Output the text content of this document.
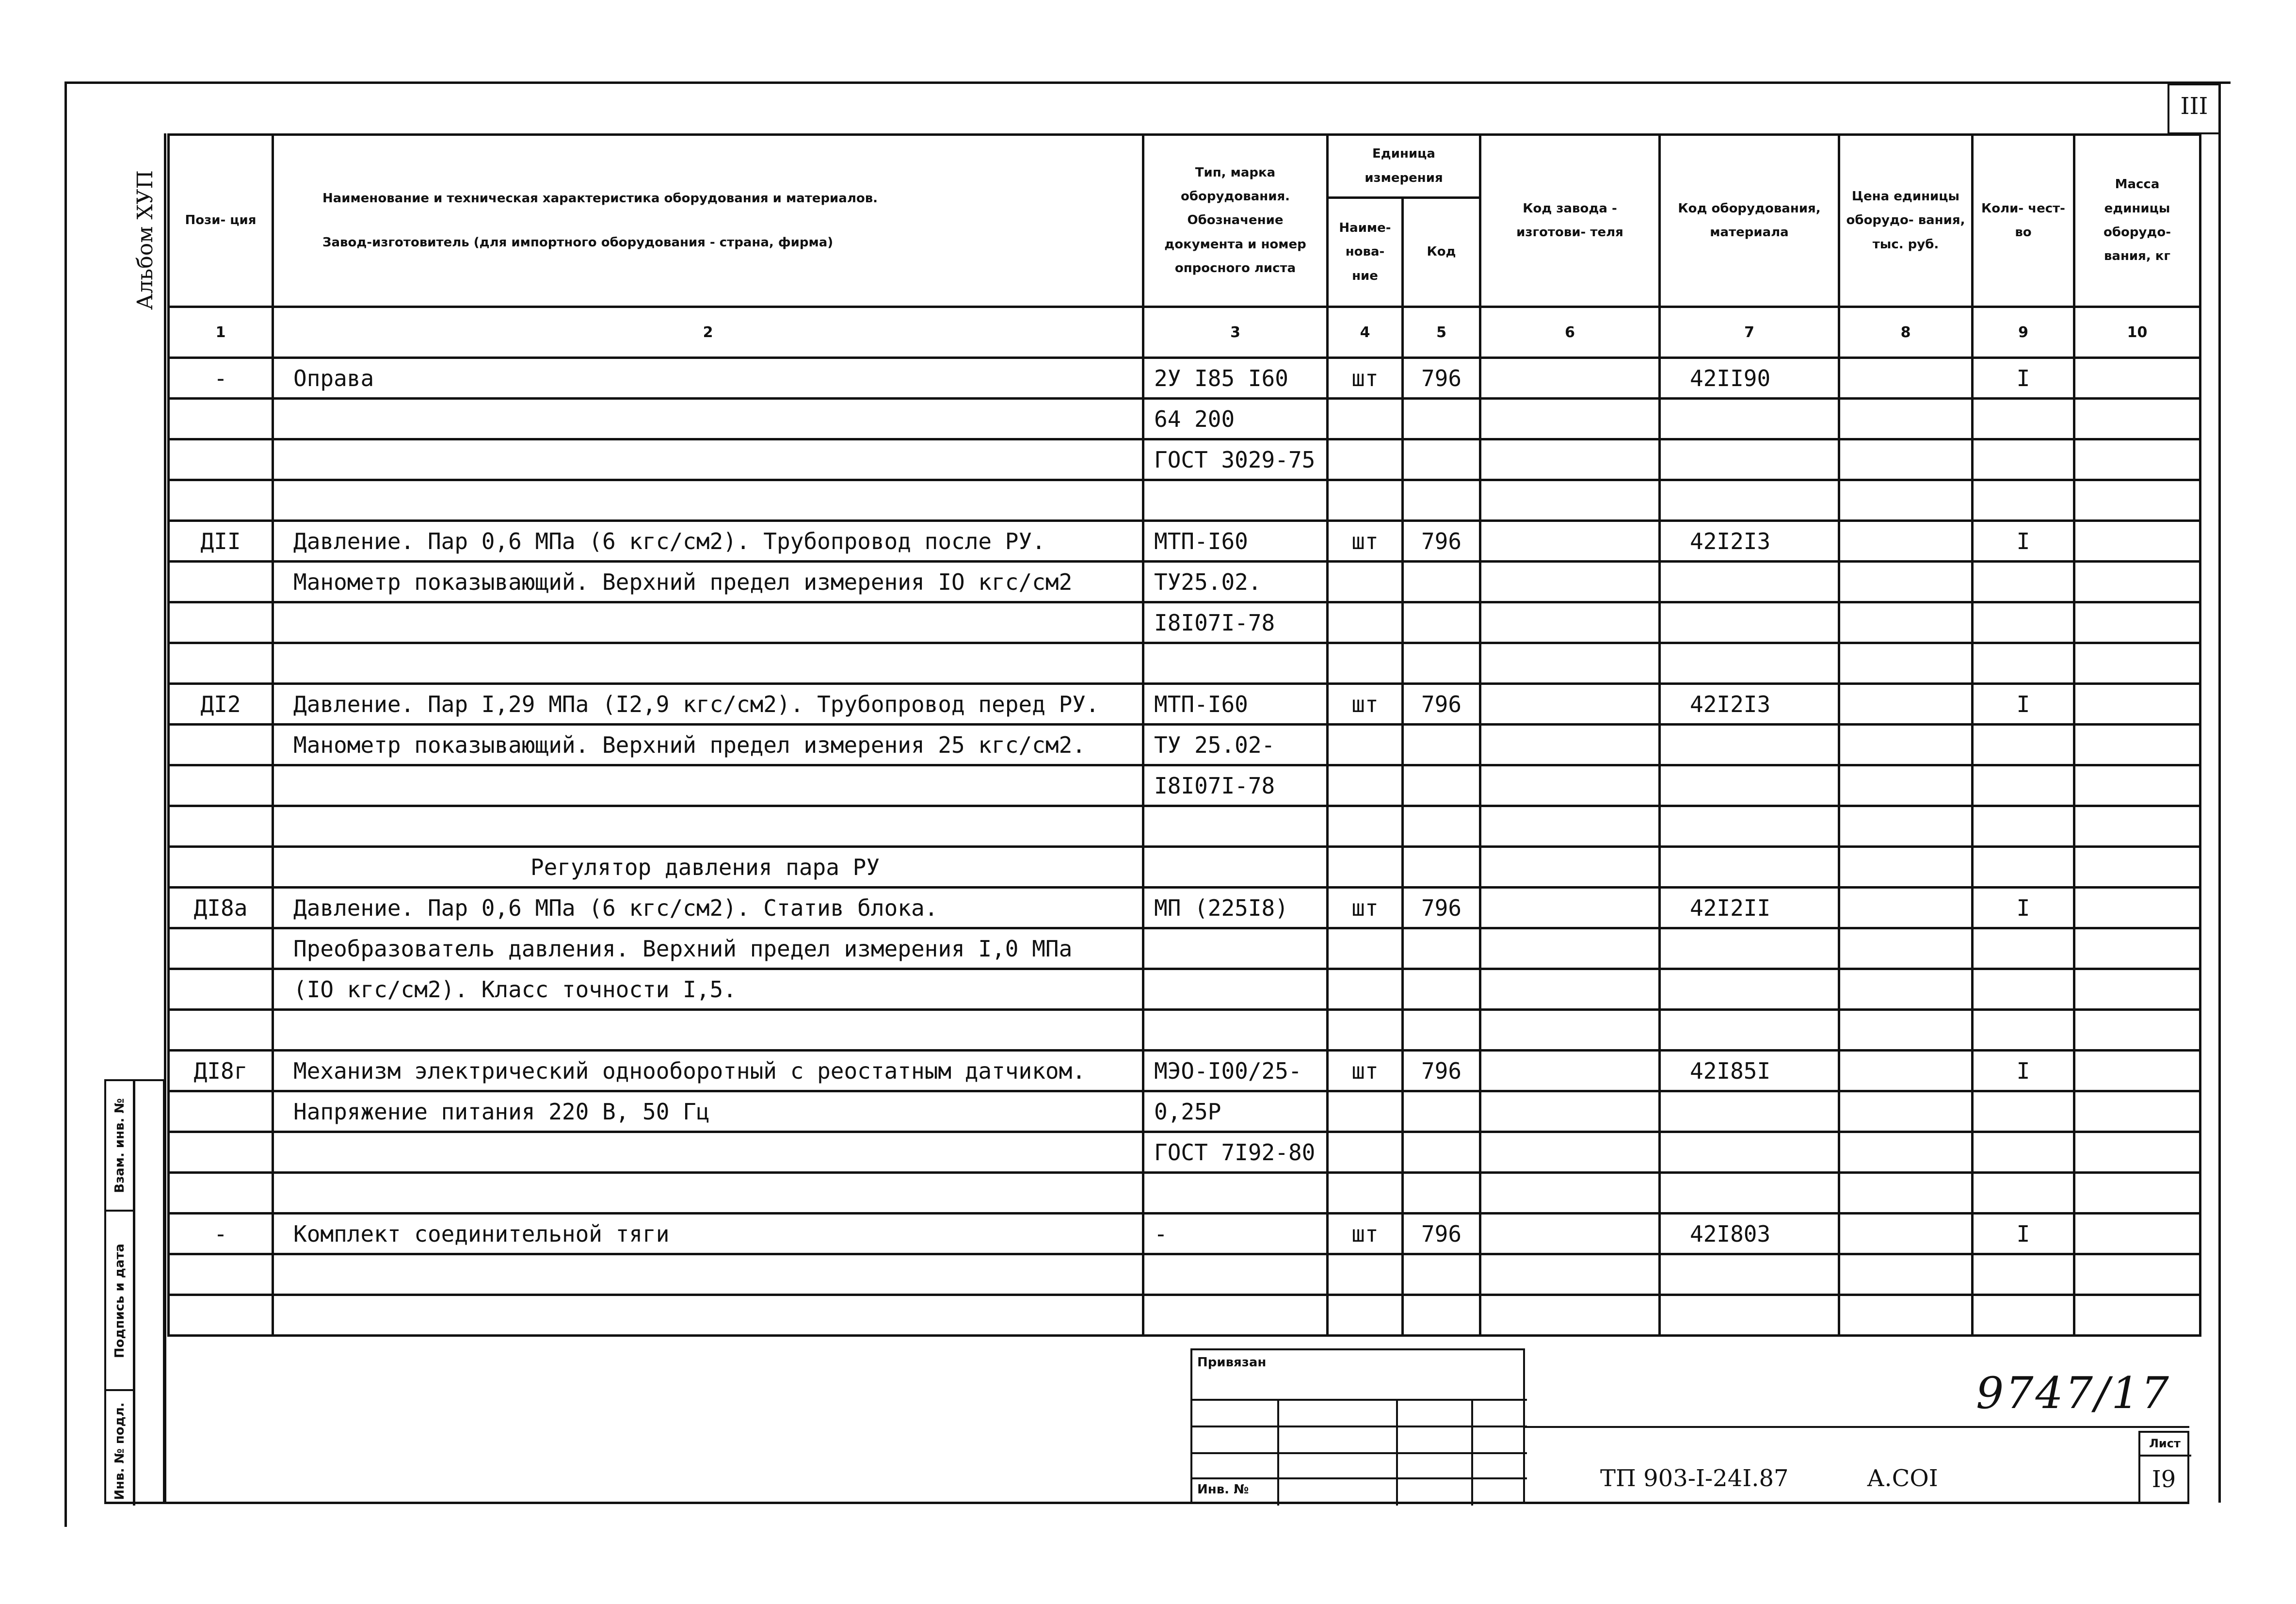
III
Альбом ХУП
Инв. № подл.
Подпись и дата
Взам. инв. №
Пози- ция	Наименование и техническая характеристика оборудования и материалов.
Завод-изготовитель (для импортного оборудования - страна, фирма)	Тип, марка оборудования. Обозначение документа и номер опросного листа	Единица измерения		Код завода - изготови- теля	Код оборудования, материала	Цена единицы оборудо- вания, тыс. руб.	Коли- чест- во	Масса единицы оборудо- вания, кг
			Наиме- нова- ние	Код					
1	2	3	4	5	6	7	8	9	10
-	Оправа	2У I85 I60	шт	796		42II90		I	
		64 200							
		ГОСТ 3029-75							

ДII	Давление. Пар 0,6 МПа (6 кгс/см2). Трубопровод после РУ.	МТП-I60	шт	796		42I2I3		I	
	Манометр показывающий. Верхний предел измерения IO кгс/см2	ТУ25.02.							
		I8I07I-78							

ДI2	Давление. Пар I,29 МПа (I2,9 кгс/см2). Трубопровод перед РУ.	МТП-I60	шт	796		42I2I3		I	
	Манометр показывающий. Верхний предел измерения 25 кгс/см2.	ТУ 25.02-							
		I8I07I-78							

	Регулятор давления пара РУ								
ДI8а	Давление. Пар 0,6 МПа (6 кгс/см2). Статив блока.	МП (225I8)	шт	796		42I2II		I	
	Преобразователь давления. Верхний предел измерения I,0 МПа								
	(IO кгс/см2). Класс точности I,5.								

ДI8г	Механизм электрический однооборотный с реостатным датчиком.	МЭО-I00/25-	шт	796		42I85I		I	
	Напряжение питания 220 В, 50 Гц	0,25Р							
		ГОСТ 7I92-80							

-	Комплект соединительной тяги	-	шт	796		42I803		I	

Привязан
Инв. №	ТП 903-I-24I.87	А.COI
Лист
I9
9747/17
